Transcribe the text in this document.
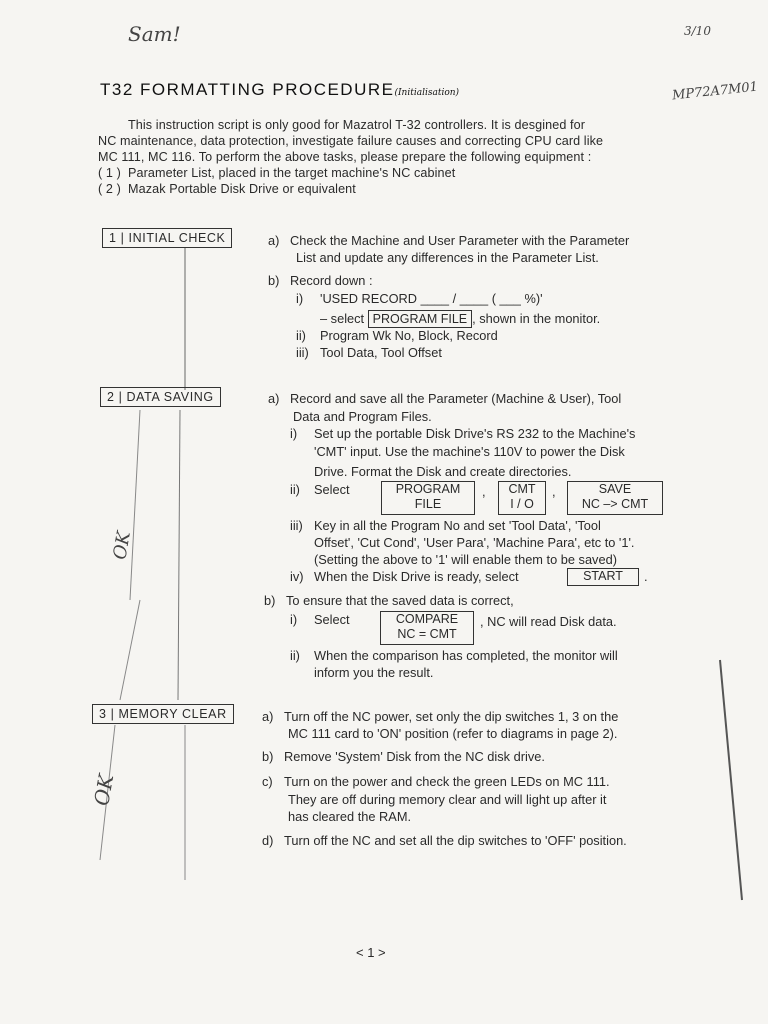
Sam!	3/10
MP72A7M01
T32 FORMATTING PROCEDURE(Initialisation)

This instruction script is only good for Mazatrol T-32 controllers. It is desgined for

NC maintenance, data protection, investigate failure causes and correcting CPU card like

MC 111, MC 116. To perform the above tasks, please prepare the following equipment :

( 1 ) Parameter List, placed in the target machine's NC cabinet

( 2 ) Mazak Portable Disk Drive or equivalent

OK
OK
1 | INITIAL CHECK	a) Check the Machine and User Parameter with the Parameter
List and update any differences in the Parameter List.
b) Record down :
i) 'USED RECORD ____ / ____ ( ___ %)'
– select PROGRAM FILE , shown in the monitor.
ii) Program Wk No, Block, Record
iii) Tool Data, Tool Offset
2 | DATA SAVING	a) Record and save all the Parameter (Machine & User), Tool
Data and Program Files.
i) Set up the portable Disk Drive's RS 232 to the Machine's
'CMT' input. Use the machine's 110V to power the Disk
Drive. Format the Disk and create directories.
ii) Select	PROGRAM
FILE
,	CMT
I / O
,	SAVE
NC –> CMT
iii) Key in all the Program No and set 'Tool Data', 'Tool
Offset', 'Cut Cond', 'User Para', 'Machine Para', etc to '1'.
(Setting the above to '1' will enable them to be saved)
iv) When the Disk Drive is ready, select	START	.
b) To ensure that the saved data is correct,
i) Select	COMPARE
NC = CMT
, NC will read Disk data.
ii) When the comparison has completed, the monitor will
inform you the result.
3 | MEMORY CLEAR	a) Turn off the NC power, set only the dip switches 1, 3 on the
MC 111 card to 'ON' position (refer to diagrams in page 2).
b) Remove 'System' Disk from the NC disk drive.
c) Turn on the power and check the green LEDs on MC 111.
They are off during memory clear and will light up after it
has cleared the RAM.
d) Turn off the NC and set all the dip switches to 'OFF' position.
< 1 >
